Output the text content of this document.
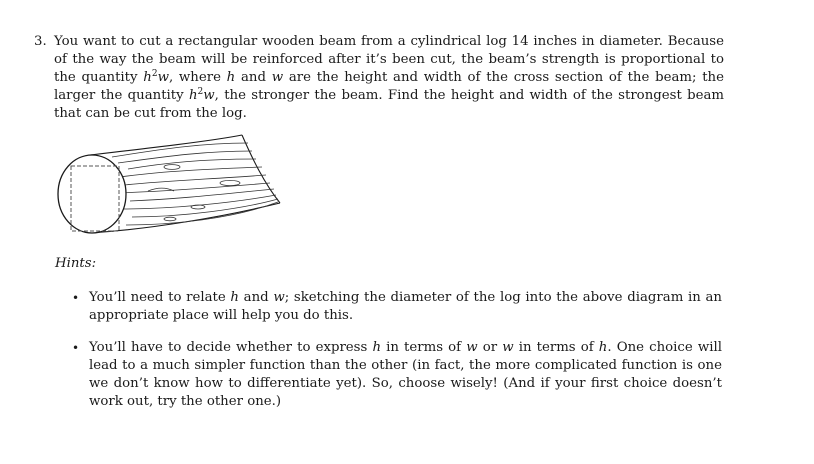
3. You want to cut a rectangular wooden beam from a cylindrical log 14 inches in diameter. Because of the way the beam will be reinforced after it’s been cut, the beam’s strength is proportional to the quantity $h^2w$, where h and w are the height and width of the cross section of the beam; the larger the quantity $h^2w$, the stronger the beam. Find the height and width of the strongest beam that can be cut from the log.
Hints:
• You’ll need to relate h and w; sketching the diameter of the log into the above diagram in an appropriate place will help you do this.
• You’ll have to decide whether to express h in terms of w or w in terms of h. One choice will lead to a much simpler function than the other (in fact, the more complicated function is one we don’t know how to differentiate yet). So, choose wisely! (And if your first choice doesn’t work out, try the other one.)
